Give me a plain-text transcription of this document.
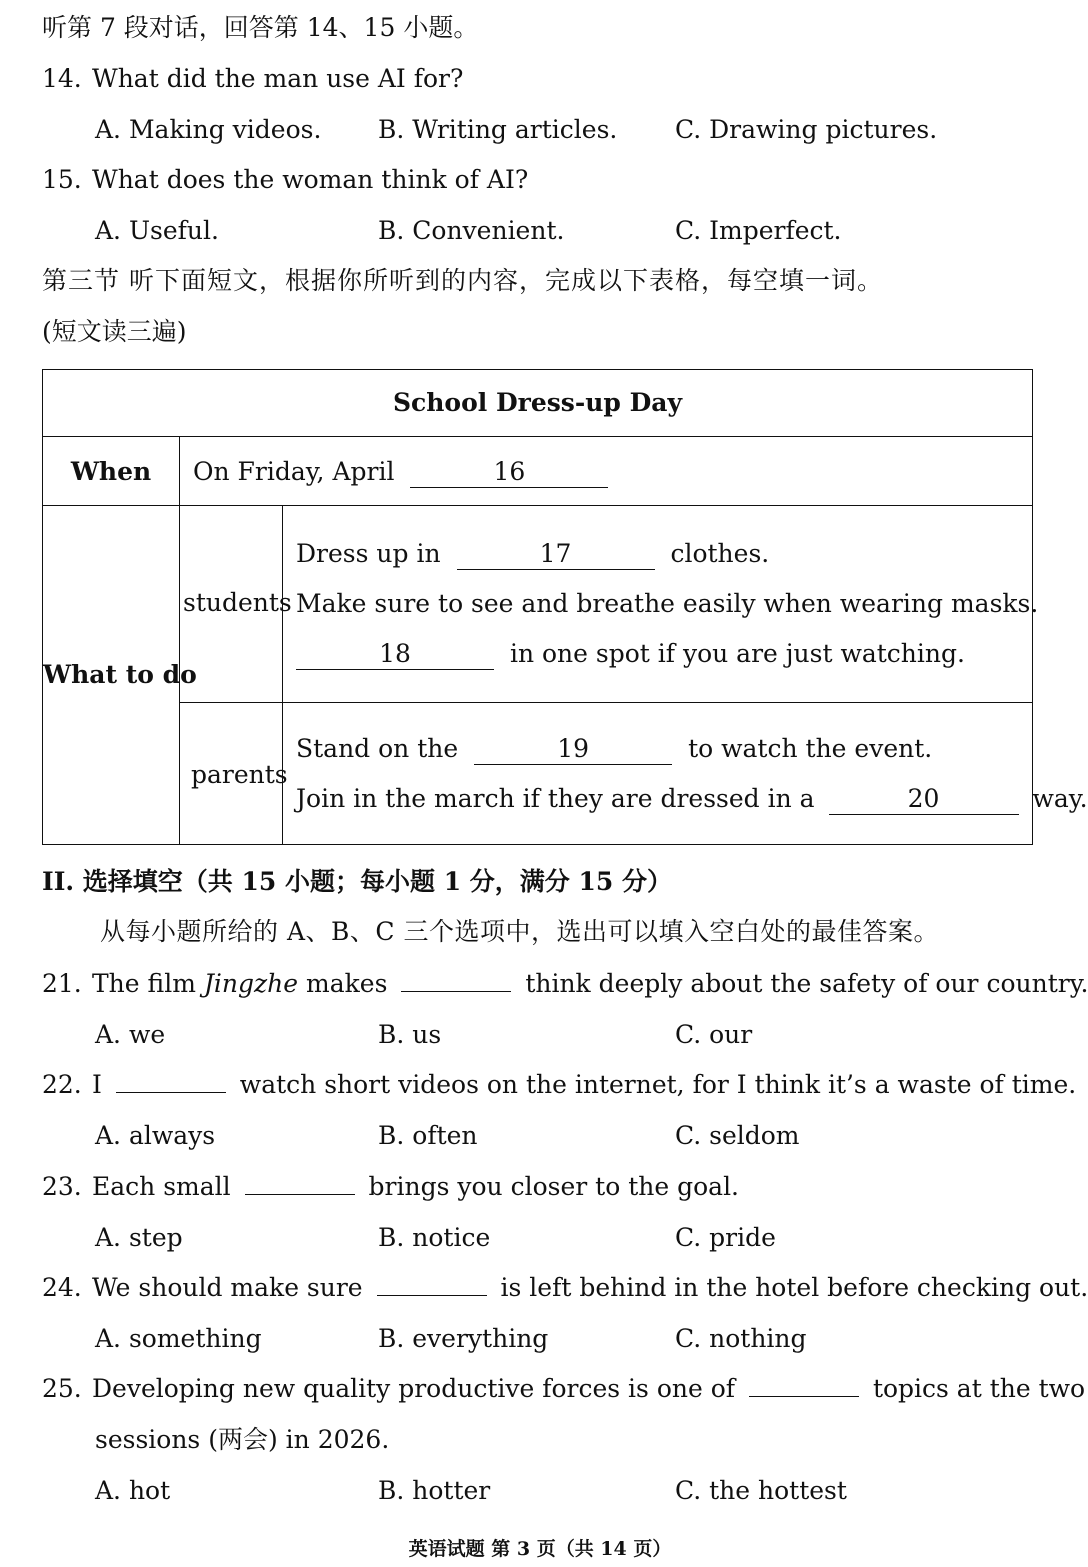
听第 7 段对话，回答第 14、15 小题。
14. What did the man use AI for?
A. Making videos. B. Writing articles. C. Drawing pictures.
15. What does the woman think of AI?
A. Useful.	B. Convenient.	C. Imperfect.
第三节 听下面短文，根据你所听到的内容，完成以下表格，每空填一词。
(短文读三遍)
School Dress-up Day
When	On Friday, April	16
What to do
students
Dress up in	17	clothes.
Make sure to see and breathe easily when wearing masks.
18	in one spot if you are just watching.
parents
Stand on the	19	to watch the event.
Join in the march if they are dressed in a	20	way.
II. 选择填空（共 15 小题；每小题 1 分，满分 15 分）
从每小题所给的 A、B、C 三个选项中，选出可以填入空白处的最佳答案。
21. The film Jingzhe makes	think deeply about the safety of our country.
A. we	B. us	C. our
22. I	watch short videos on the internet, for I think it’s a waste of time.
A. always	B. often	C. seldom
23. Each small	brings you closer to the goal.
A. step	B. notice	C. pride
24. We should make sure	is left behind in the hotel before checking out.
A. something	B. everything	C. nothing
25. Developing new quality productive forces is one of	topics at the two
sessions (两会) in 2026.
A. hot	B. hotter	C. the hottest
英语试题 第 3 页（共 14 页）
